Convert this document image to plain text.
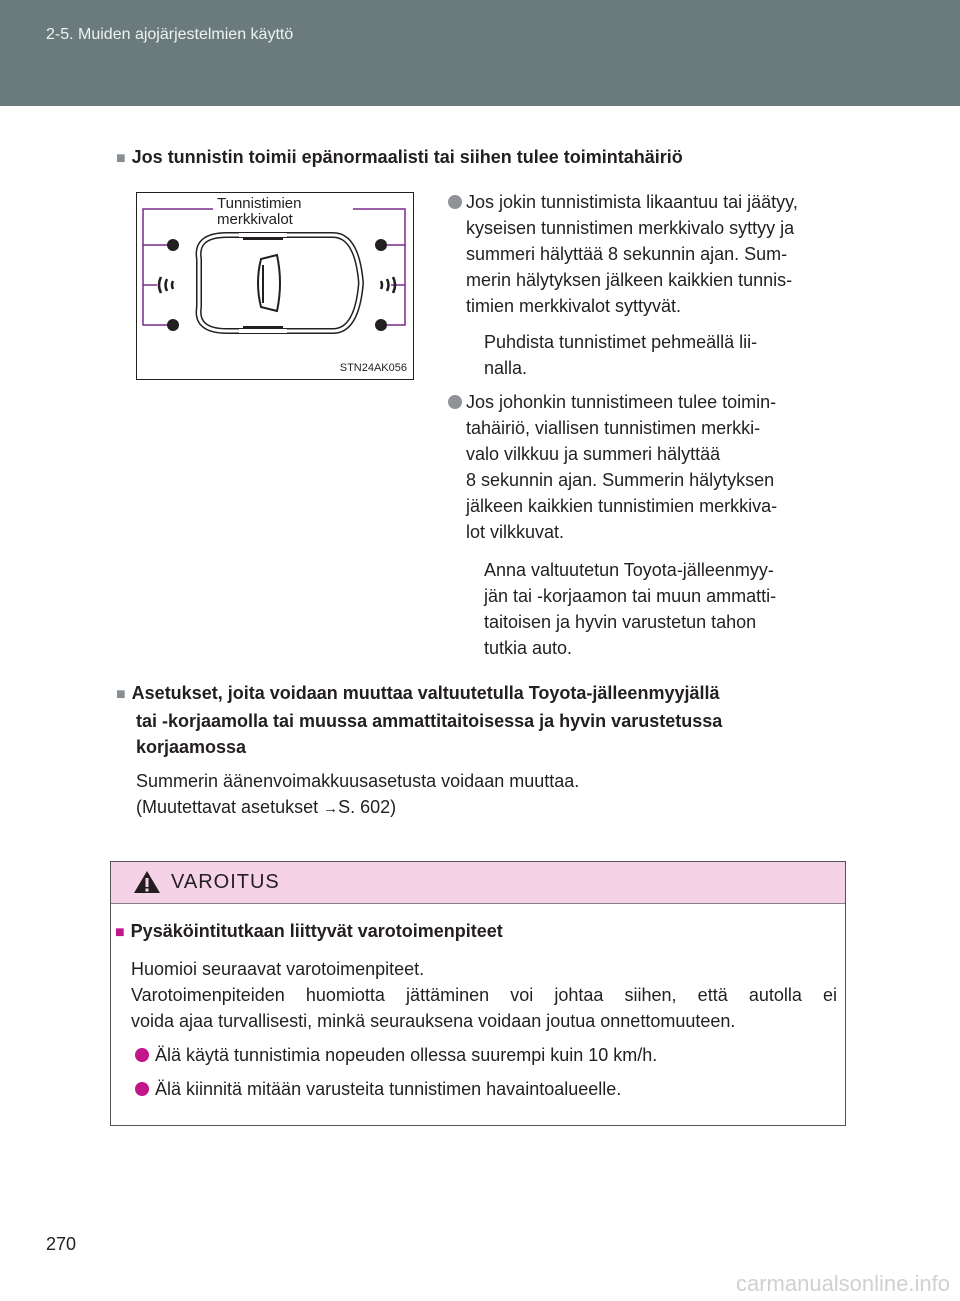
2-5. Muiden ajojärjestelmien käyttö
■ Jos tunnistin toimii epänormaalisti tai siihen tulee toimintahäiriö
Tunnistimien
merkkivalot
STN24AK056
Jos jokin tunnistimista likaantuu tai jäätyy,
kyseisen tunnistimen merkkivalo syttyy ja
summeri hälyttää 8 sekunnin ajan. Sum-
merin hälytyksen jälkeen kaikkien tunnis-
timien merkkivalot syttyvät.
Puhdista tunnistimet pehmeällä lii-
nalla.
Jos johonkin tunnistimeen tulee toimin-
tahäiriö, viallisen tunnistimen merkki-
valo vilkkuu ja summeri hälyttää
8 sekunnin ajan. Summerin hälytyksen
jälkeen kaikkien tunnistimien merkkiva-
lot vilkkuvat.
Anna valtuutetun Toyota-jälleenmyy-
jän tai -korjaamon tai muun ammatti-
taitoisen ja hyvin varustetun tahon
tutkia auto.
■ Asetukset, joita voidaan muuttaa valtuutetulla Toyota-jälleenmyyjällä
tai -korjaamolla tai muussa ammattitaitoisessa ja hyvin varustetussa
korjaamossa
Summerin äänenvoimakkuusasetusta voidaan muuttaa.
(Muutettavat asetukset →S. 602)
VAROITUS
■ Pysäköintitutkaan liittyvät varotoimenpiteet
Huomioi seuraavat varotoimenpiteet.
Varotoimenpiteiden huomiotta jättäminen voi johtaa siihen, että autolla ei
voida ajaa turvallisesti, minkä seurauksena voidaan joutua onnettomuuteen.
Älä käytä tunnistimia nopeuden ollessa suurempi kuin 10 km/h.
Älä kiinnitä mitään varusteita tunnistimen havaintoalueelle.
270
carmanualsonline.info
